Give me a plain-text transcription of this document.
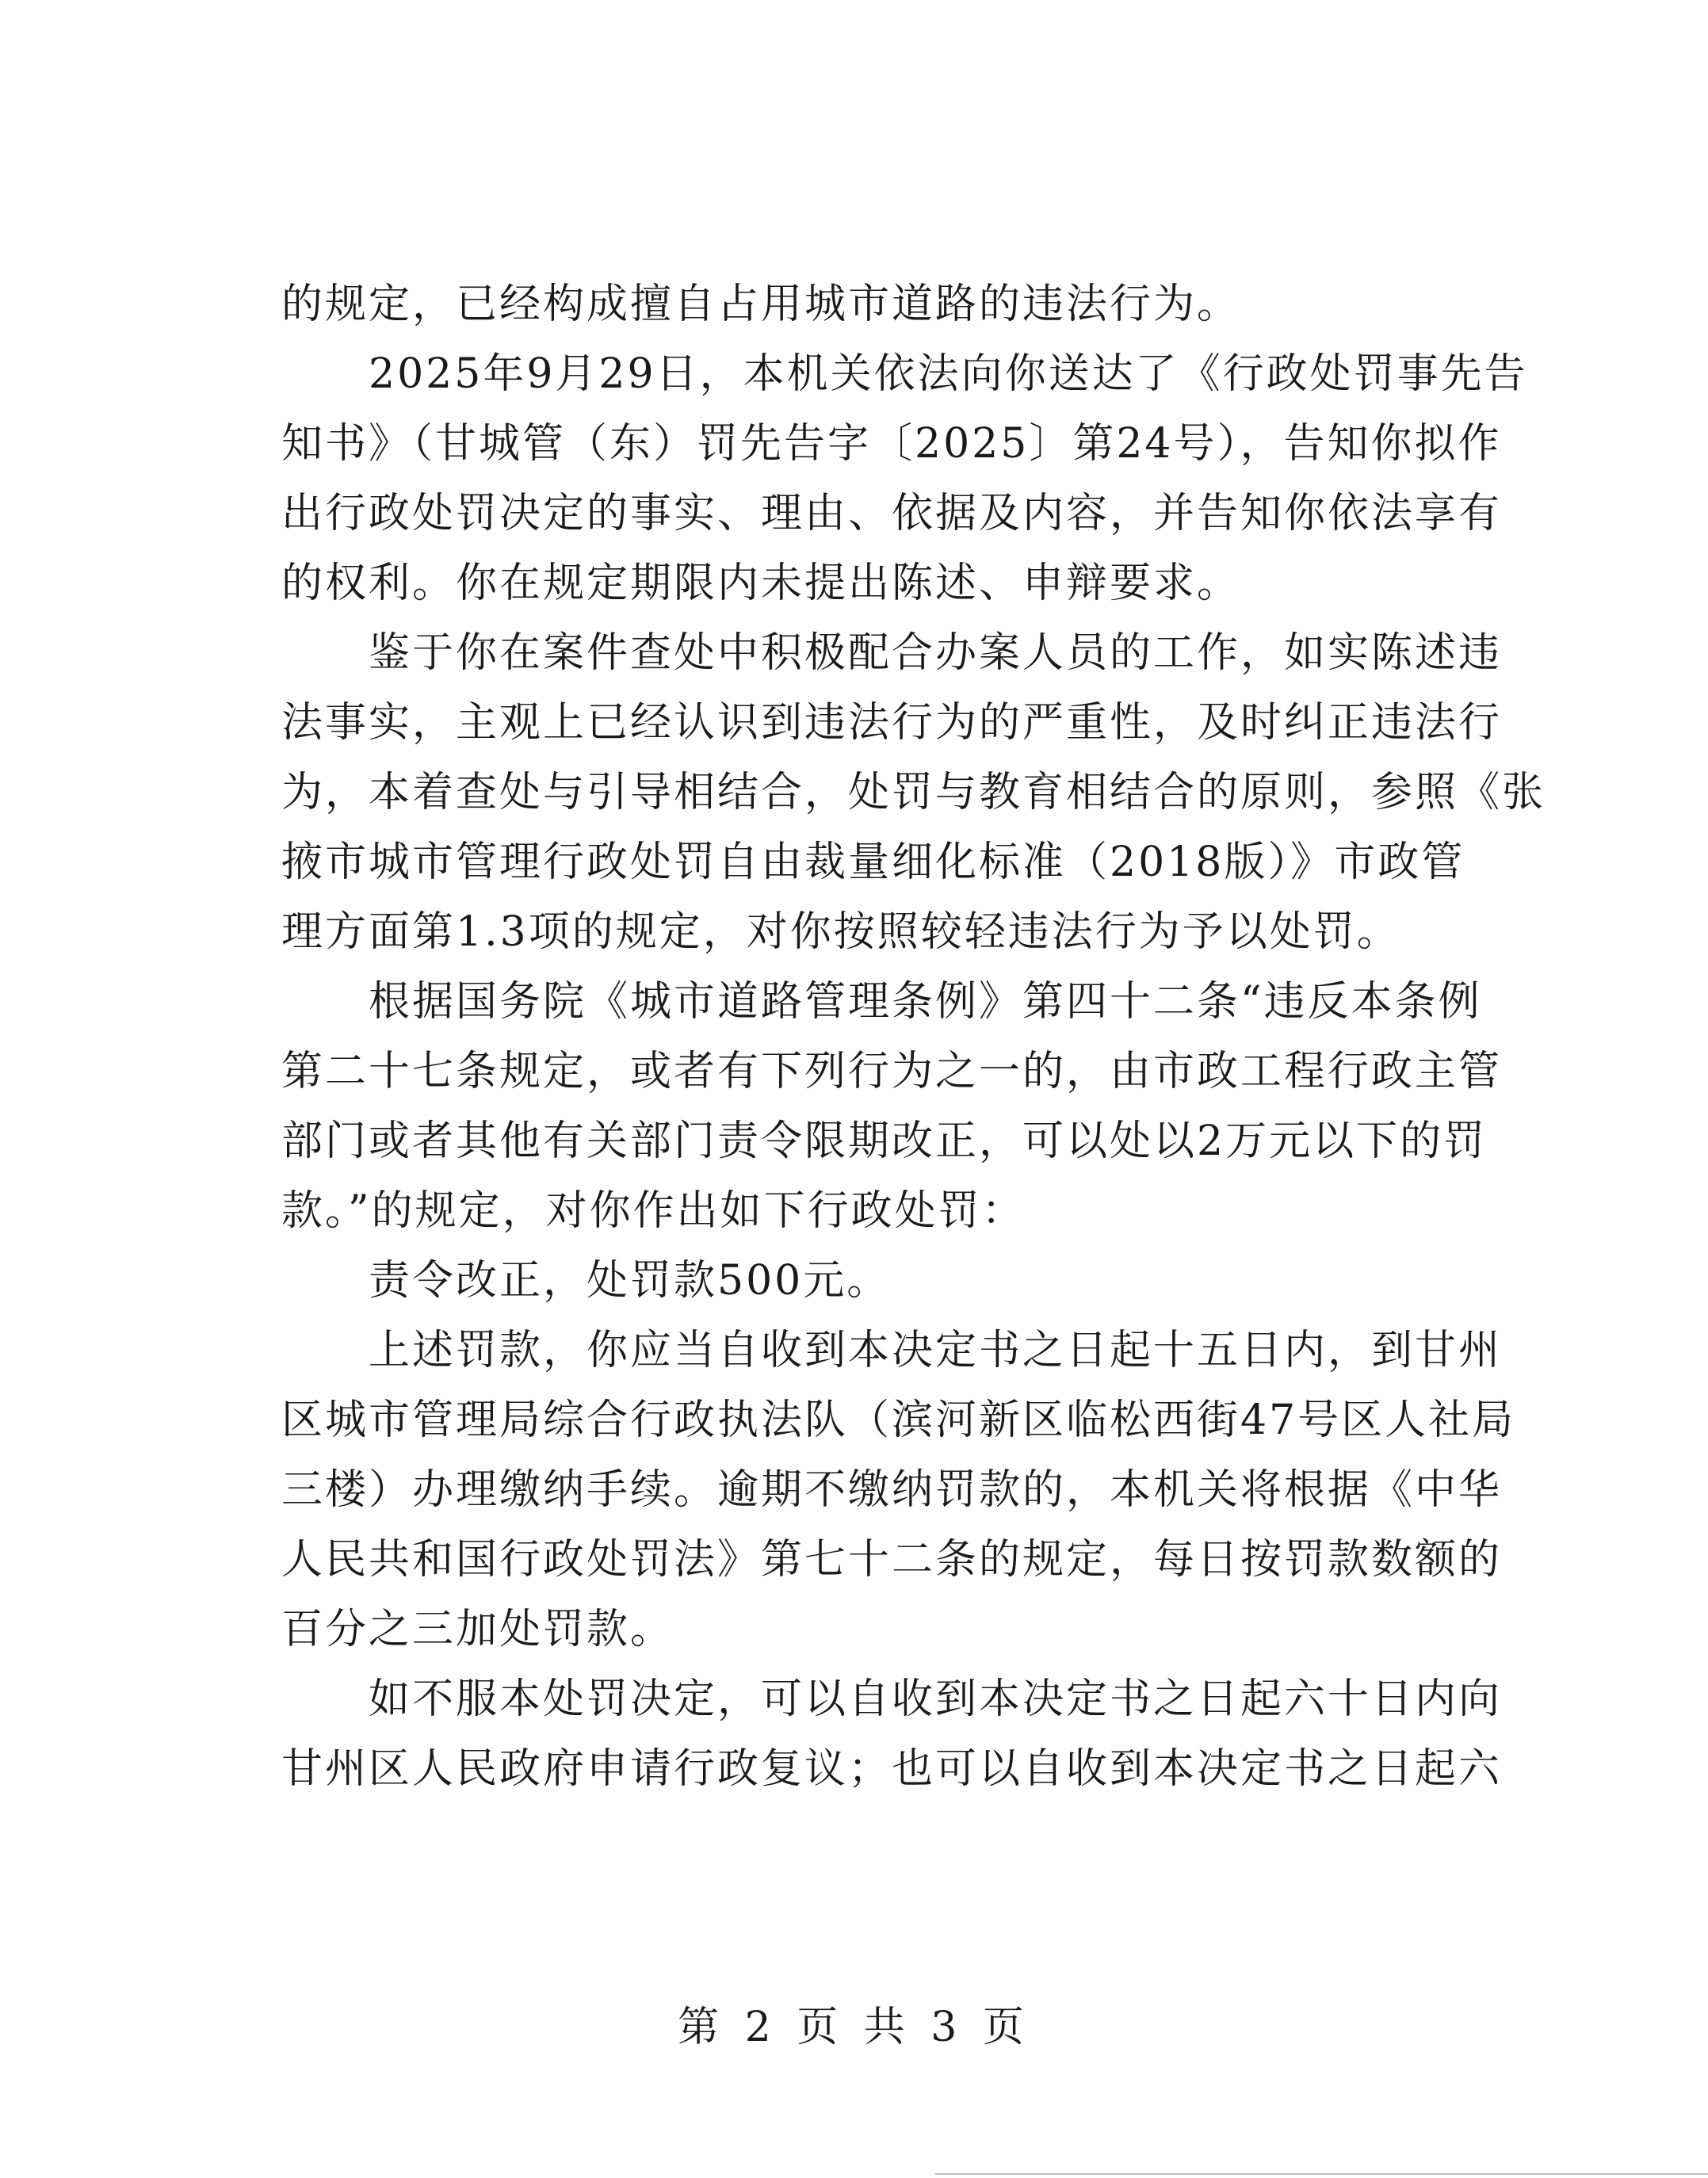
的规定，已经构成擅自占用城市道路的违法行为。
2025年9月29日，本机关依法向你送达了《行政处罚事先告
知书》（甘城管（东）罚先告字〔2025〕第24号），告知你拟作
出行政处罚决定的事实、理由、依据及内容，并告知你依法享有
的权利。你在规定期限内未提出陈述、申辩要求。
鉴于你在案件查处中积极配合办案人员的工作，如实陈述违
法事实，主观上已经认识到违法行为的严重性，及时纠正违法行
为，本着查处与引导相结合，处罚与教育相结合的原则，参照《张
掖市城市管理行政处罚自由裁量细化标准（2018版）》市政管
理方面第1.3项的规定，对你按照较轻违法行为予以处罚。
根据国务院《城市道路管理条例》第四十二条“违反本条例
第二十七条规定，或者有下列行为之一的，由市政工程行政主管
部门或者其他有关部门责令限期改正，可以处以2万元以下的罚
款。”的规定，对你作出如下行政处罚：
责令改正，处罚款500元。
上述罚款，你应当自收到本决定书之日起十五日内，到甘州
区城市管理局综合行政执法队（滨河新区临松西街47号区人社局
三楼）办理缴纳手续。逾期不缴纳罚款的，本机关将根据《中华
人民共和国行政处罚法》第七十二条的规定，每日按罚款数额的
百分之三加处罚款。
如不服本处罚决定，可以自收到本决定书之日起六十日内向
甘州区人民政府申请行政复议；也可以自收到本决定书之日起六
第 2 页 共 3 页
